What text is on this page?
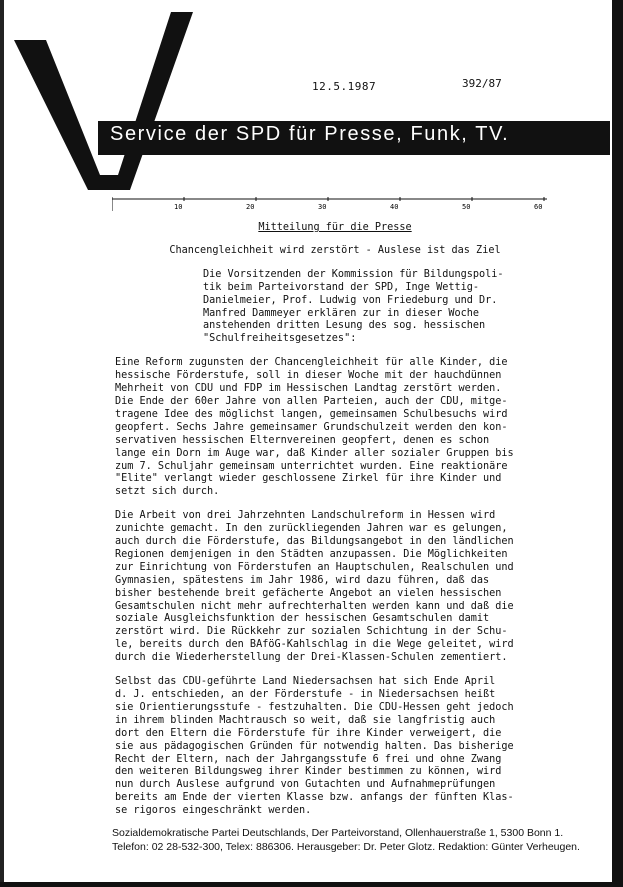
12.5.1987	392/87
Service der SPD für Presse, Funk, TV.
10	20	30	40	50	60
Mitteilung für die Presse
Chancengleichheit wird zerstört - Auslese ist das Ziel
Die Vorsitzenden der Kommission für Bildungspoli-
tik beim Parteivorstand der SPD, Inge Wettig-
Danielmeier, Prof. Ludwig von Friedeburg und Dr.
Manfred Dammeyer erklären zur in dieser Woche
anstehenden dritten Lesung des sog. hessischen
"Schulfreiheitsgesetzes":
Eine Reform zugunsten der Chancengleichheit für alle Kinder, die
hessische Förderstufe, soll in dieser Woche mit der hauchdünnen
Mehrheit von CDU und FDP im Hessischen Landtag zerstört werden.
Die Ende der 60er Jahre von allen Parteien, auch der CDU, mitge-
tragene Idee des möglichst langen, gemeinsamen Schulbesuchs wird
geopfert. Sechs Jahre gemeinsamer Grundschulzeit werden den kon-
servativen hessischen Elternvereinen geopfert, denen es schon
lange ein Dorn im Auge war, daß Kinder aller sozialer Gruppen bis
zum 7. Schuljahr gemeinsam unterrichtet wurden. Eine reaktionäre
"Elite" verlangt wieder geschlossene Zirkel für ihre Kinder und
setzt sich durch.
Die Arbeit von drei Jahrzehnten Landschulreform in Hessen wird
zunichte gemacht. In den zurückliegenden Jahren war es gelungen,
auch durch die Förderstufe, das Bildungsangebot in den ländlichen
Regionen demjenigen in den Städten anzupassen. Die Möglichkeiten
zur Einrichtung von Förderstufen an Hauptschulen, Realschulen und
Gymnasien, spätestens im Jahr 1986, wird dazu führen, daß das
bisher bestehende breit gefächerte Angebot an vielen hessischen
Gesamtschulen nicht mehr aufrechterhalten werden kann und daß die
soziale Ausgleichsfunktion der hessischen Gesamtschulen damit
zerstört wird. Die Rückkehr zur sozialen Schichtung in der Schu-
le, bereits durch den BAföG-Kahlschlag in die Wege geleitet, wird
durch die Wiederherstellung der Drei-Klassen-Schulen zementiert.
Selbst das CDU-geführte Land Niedersachsen hat sich Ende April
d. J. entschieden, an der Förderstufe - in Niedersachsen heißt
sie Orientierungsstufe - festzuhalten. Die CDU-Hessen geht jedoch
in ihrem blinden Machtrausch so weit, daß sie langfristig auch
dort den Eltern die Förderstufe für ihre Kinder verweigert, die
sie aus pädagogischen Gründen für notwendig halten. Das bisherige
Recht der Eltern, nach der Jahrgangsstufe 6 frei und ohne Zwang
den weiteren Bildungsweg ihrer Kinder bestimmen zu können, wird
nun durch Auslese aufgrund von Gutachten und Aufnahmeprüfungen
bereits am Ende der vierten Klasse bzw. anfangs der fünften Klas-
se rigoros eingeschränkt werden.
Sozialdemokratische Partei Deutschlands, Der Parteivorstand, Ollenhauerstraße 1, 5300 Bonn 1.
Telefon: 02 28-532-300, Telex: 886306. Herausgeber: Dr. Peter Glotz. Redaktion: Günter Verheugen.
